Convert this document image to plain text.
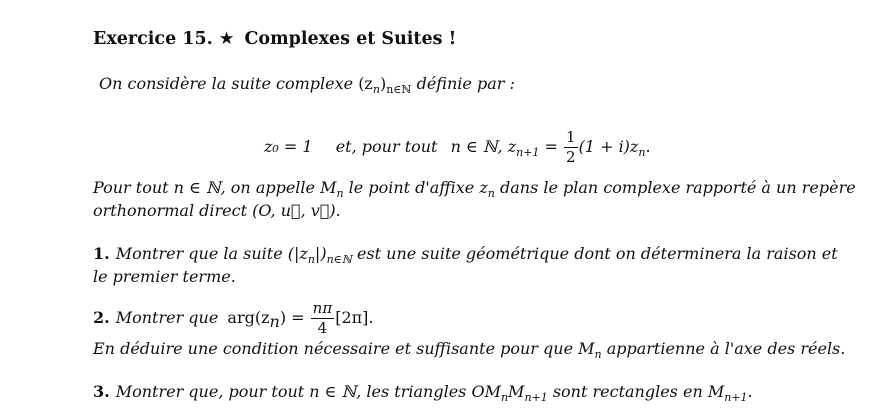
Exercice 15. ★ Complexes et Suites !
On considère la suite complexe $(z_n)_{n\in ℕ}$ définie par :
z₀ = 1 et, pour tout n ∈ ℕ, $z_{n+1} = \frac{1}{2} (1 + i)z_n$.
Pour tout n ∈ ℕ, on appelle $M_n$ le point d'affixe $z_n$ dans le plan complexe rapporté à un repère
orthonormal direct (O, u⃗, v⃗).
1. Montrer que la suite $(|z_n|)_{n\in ℕ}$ est une suite géométrique dont on déterminera la raison et
le premier terme.
2. Montrer que $arg(z_n) = \frac{n\pi}{4} [2\pi]$.
En déduire une condition nécessaire et suffisante pour que $M_n$ appartienne à l'axe des réels.
3. Montrer que, pour tout n ∈ ℕ, les triangles $OM_nM_{n+1}$ sont rectangles en $M_{n+1}$.
